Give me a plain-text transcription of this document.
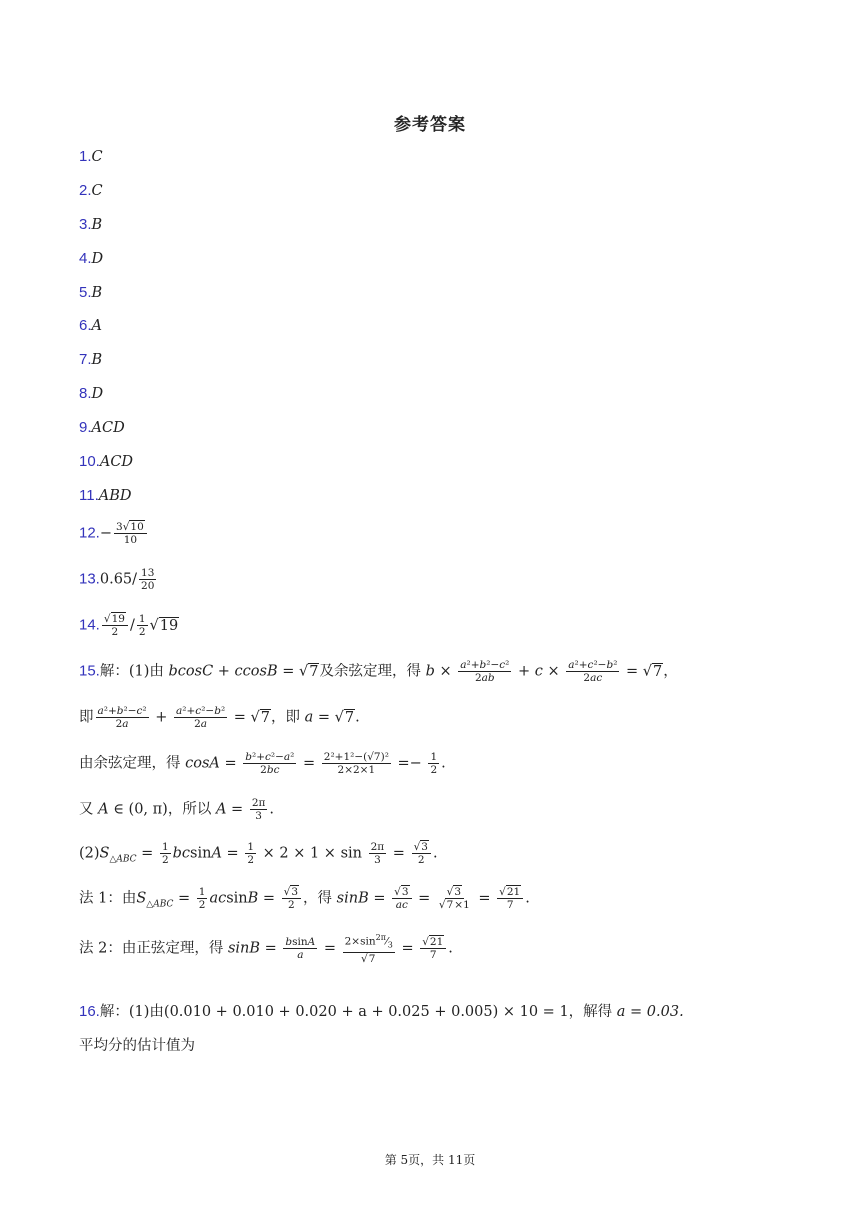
参考答案
1.C
2.C
3.B
4.D
5.B
6.A
7.B
8.D
9.ACD
10.ACD
11.ABD
$12.- \frac{3√10}{10}$
$13.0.65/ \frac{13}{20}$
14. $\frac{√19}{2} / \frac{1}{2} √19$
15.解：(1)由 bcosC + ccosB = √7及余弦定理，得 $b \times \frac{\text{a²+b²−c²}}{2ab} + c \times \frac{\text{a²+c²−b²}}{2ac} = √7$，
即 $\frac{\text{a²+b²−c²}}{2a} + \frac{\text{a²+c²−b²}}{2a} = √7$，即 a = √7.
由余弦定理，得 $\cos A = \frac{\text{b²+c²−a²}}{2bc} = \frac{\text{2²+1²−(√7)²}}{2\times 2\times 1} =- \frac{1}{2}$ .
又 A ∈ (0, π)，所以 $A = \frac{2\pi}{3}$ .
$(2)S_{\triangle ABC} = \frac{1}{2}$ $bcsinA = \frac{1}{2} \times 2 \times 1 \times \sin \frac{2\pi}{3} = \frac{√3}{2}$ .
法 1：由$S_{\triangle ABC} = \frac{1}{2}$ $acsinB = \frac{√3}{2}$ ，得 $\sin B = \frac{√3}{ac} = \frac{√3}{√7\times 1} = \frac{√21}{7}$ .
法 2：由正弦定理，得 $\sin B = \frac{bsinA}{a} = \frac{2\times\sin^{2\pi}⁄_3}{√7} = \frac{√21}{7}$ .
16.解：(1)由(0.010 + 0.010 + 0.020 + a + 0.025 + 0.005) × 10 = 1，解得 a = 0.03.
平均分的估计值为
第 5页，共 11页
